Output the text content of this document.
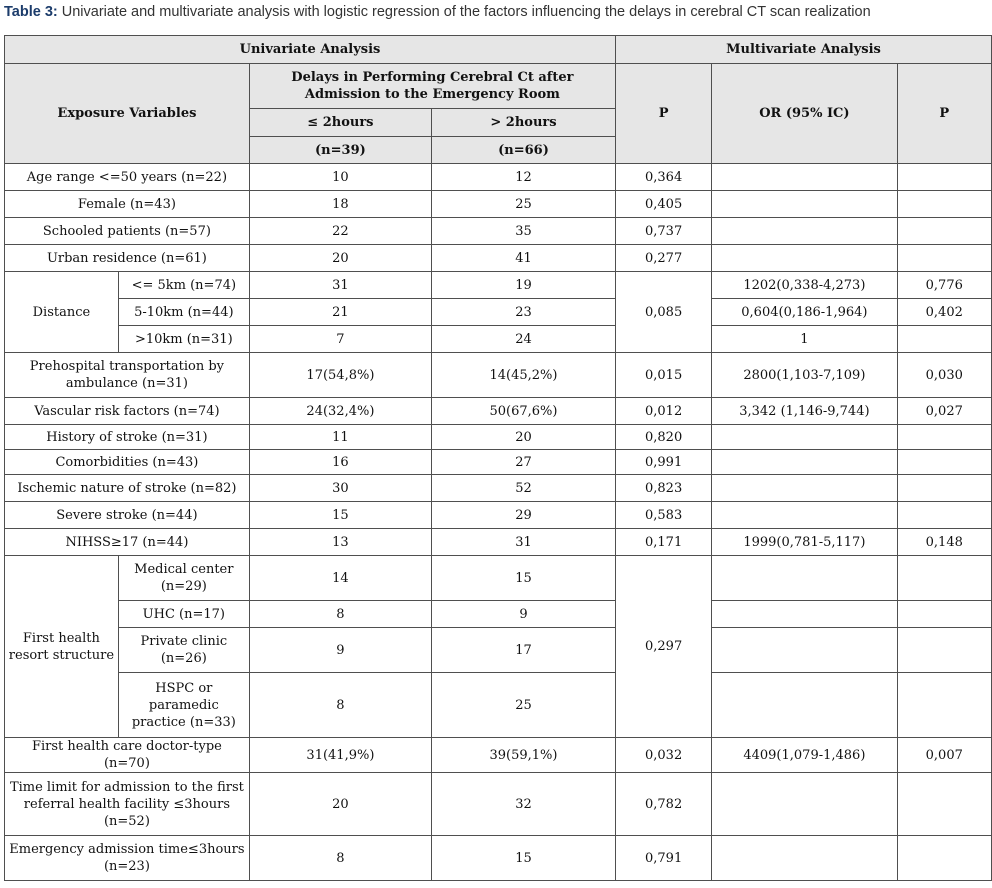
Table 3: Univariate and multivariate analysis with logistic regression of the factors influencing the delays in cerebral CT scan realization
Univariate Analysis				Multivariate Analysis		
Exposure Variables		Delays in Performing Cerebral Ct after Admission to the Emergency Room		P	OR (95% IC)	P
		≤ 2hours	> 2hours			
		(n=39)	(n=66)			
Age range <=50 years (n=22)		10	12	0,364		
Female (n=43)		18	25	0,405		
Schooled patients (n=57)		22	35	0,737		
Urban residence (n=61)		20	41	0,277		
Distance	<= 5km (n=74)	31	19	0,085	1202(0,338-4,273)	0,776
	5-10km (n=44)	21	23		0,604(0,186-1,964)	0,402
	>10km (n=31)	7	24		1	
Prehospital transportation by ambulance (n=31)		17(54,8%)	14(45,2%)	0,015	2800(1,103-7,109)	0,030
Vascular risk factors (n=74)		24(32,4%)	50(67,6%)	0,012	3,342 (1,146-9,744)	0,027
History of stroke (n=31)		11	20	0,820		
Comorbidities (n=43)		16	27	0,991		
Ischemic nature of stroke (n=82)		30	52	0,823		
Severe stroke (n=44)		15	29	0,583		
NIHSS≥17 (n=44)		13	31	0,171	1999(0,781-5,117)	0,148
First health resort structure	Medical center (n=29)	14	15	0,297		
	UHC (n=17)	8	9			
	Private clinic (n=26)	9	17			
	HSPC or paramedic practice (n=33)	8	25			
First health care doctor-type (n=70)		31(41,9%)	39(59,1%)	0,032	4409(1,079-1,486)	0,007
Time limit for admission to the first referral health facility ≤3hours (n=52)		20	32	0,782		
Emergency admission time≤3hours (n=23)		8	15	0,791		
